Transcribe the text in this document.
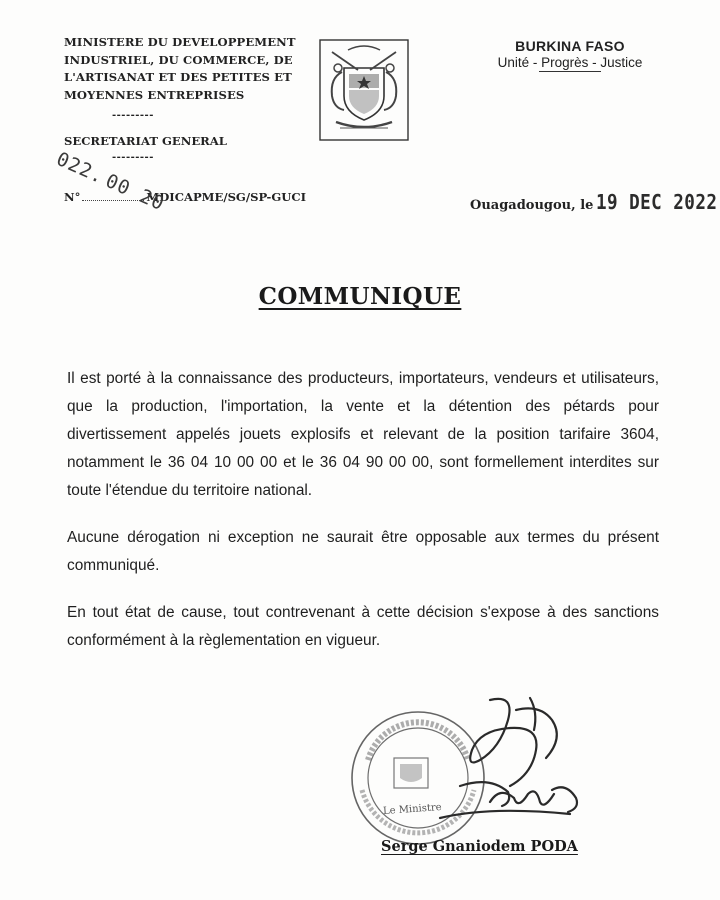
MINISTERE DU DEVELOPPEMENT
INDUSTRIEL, DU COMMERCE, DE
L'ARTISANAT ET DES PETITES ET
MOYENNES ENTREPRISES
---------
SECRETARIAT GENERAL
---------
N°	MDICAPME/SG/SP-GUCI
022.00 20
BURKINA FASO
Unité - Progrès - Justice
Ouagadougou, le 19 DEC 2022
COMMUNIQUE

Il est porté à la connaissance des producteurs, importateurs, vendeurs et utilisateurs, que la production, l'importation, la vente et la détention des pétards pour divertissement appelés jouets explosifs et relevant de la position tarifaire 3604, notamment le 36 04 10 00 00 et le 36 04 90 00 00, sont formellement interdites sur toute l'étendue du territoire national.

Aucune dérogation ni exception ne saurait être opposable aux termes du présent communiqué.

En tout état de cause, tout contrevenant à cette décision s'expose à des sanctions conformément à la règlementation en vigueur.

Le Ministre
Serge Gnaniodem PODA
